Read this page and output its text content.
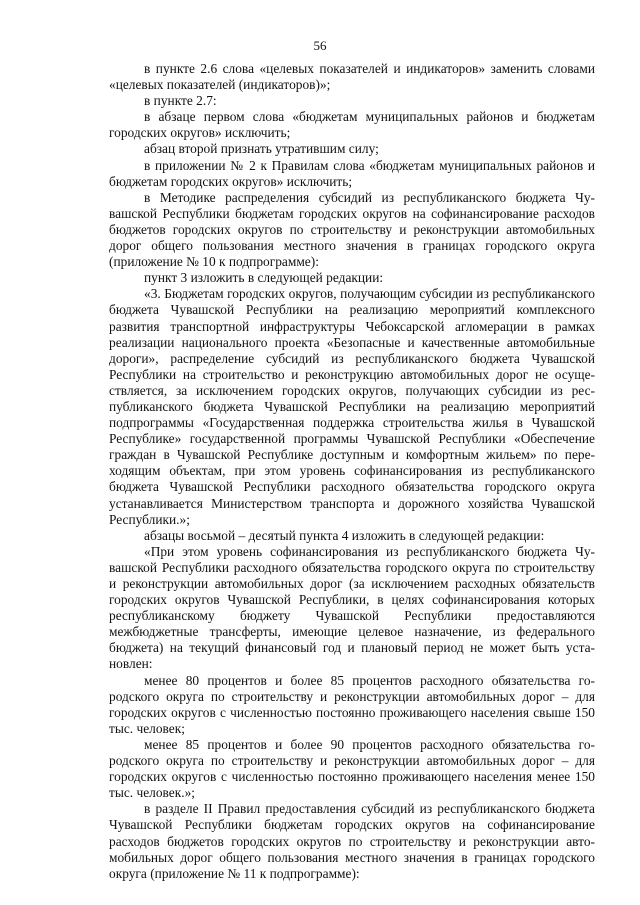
56

в пункте 2.6 слова «целевых показателей и индикаторов» заменить словами «целевых показателей (индикаторов)»;

в пункте 2.7:

в абзаце первом слова «бюджетам муниципальных районов и бюджетам городских округов» исключить;

абзац второй признать утратившим силу;

в приложении № 2 к Правилам слова «бюджетам муниципальных районов и бюджетам городских округов» исключить;

в Методике распределения субсидий из республиканского бюджета Чувашской Республики бюджетам городских округов на софинансирование расходов бюджетов городских округов по строительству и реконструкции автомобильных дорог общего пользования местного значения в границах городского округа (приложение № 10 к подпрограмме):

пункт 3 изложить в следующей редакции:

«3. Бюджетам городских округов, получающим субсидии из республиканского бюджета Чувашской Республики на реализацию мероприятий комплексного развития транспортной инфраструктуры Чебоксарской агломерации в рамках реализации национального проекта «Безопасные и качественные автомобильные дороги», распределение субсидий из республиканского бюджета Чувашской Республики на строительство и реконструкцию автомобильных дорог не осуществляется, за исключением городских округов, получающих субсидии из республиканского бюджета Чувашской Республики на реализацию мероприятий подпрограммы «Государственная поддержка строительства жилья в Чувашской Республике» государственной программы Чувашской Республики «Обеспечение граждан в Чувашской Республике доступным и комфортным жильем» по переходящим объектам, при этом уровень софинансирования из республиканского бюджета Чувашской Республики расходного обязательства городского округа устанавливается Министерством транспорта и дорожного хозяйства Чувашской Республики.»;

абзацы восьмой – десятый пункта 4 изложить в следующей редакции:

«При этом уровень софинансирования из республиканского бюджета Чувашской Республики расходного обязательства городского округа по строительству и реконструкции автомобильных дорог (за исключением расходных обязательств городских округов Чувашской Республики, в целях софинансирования которых республиканскому бюджету Чувашской Республики предоставляются межбюджетные трансферты, имеющие целевое назначение, из федерального бюджета) на текущий финансовый год и плановый период не может быть установлен:

менее 80 процентов и более 85 процентов расходного обязательства городского округа по строительству и реконструкции автомобильных дорог – для городских округов с численностью постоянно проживающего населения свыше 150 тыс. человек;

менее 85 процентов и более 90 процентов расходного обязательства городского округа по строительству и реконструкции автомобильных дорог – для городских округов с численностью постоянно проживающего населения менее 150 тыс. человек.»;

в разделе II Правил предоставления субсидий из республиканского бюджета Чувашской Республики бюджетам городских округов на софинансирование расходов бюджетов городских округов по строительству и реконструкции автомобильных дорог общего пользования местного значения в границах городского округа (приложение № 11 к подпрограмме):
